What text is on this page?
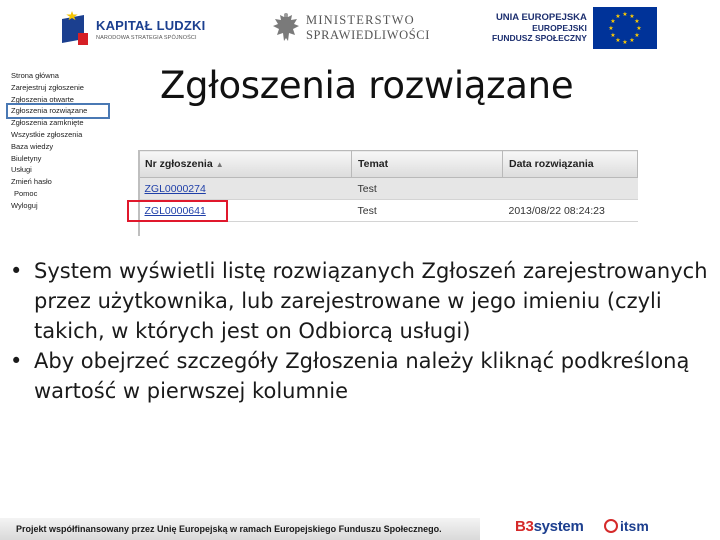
KAPITAŁ LUDZKI
NARODOWA STRATEGIA SPÓJNOŚCI
MINISTERSTWO
SPRAWIEDLIWOŚCI
UNIA EUROPEJSKA
EUROPEJSKI
FUNDUSZ SPOŁECZNY
★ ★
★
★
★
★
★
★
★
★
★
★
Strona główna
Zarejestruj zgłoszenie
Zgłoszenia otwarte
Zgłoszenia rozwiązane
Zgłoszenia zamknięte
Wszystkie zgłoszenia
Baza wiedzy
Biuletyny
Usługi
Zmień hasło
Pomoc
Wyloguj
Zgłoszenia rozwiązane
Nr zgłoszenia ▲	Temat	Data rozwiązania
ZGL0000274	Test	
ZGL0000641	Test	2013/08/22 08:24:23
• System wyświetli listę rozwiązanych Zgłoszeń zarejestrowanych przez użytkownika, lub zarejestrowane w jego imieniu (czyli takich, w których jest on Odbiorcą usługi)
• Aby obejrzeć szczegóły Zgłoszenia należy kliknąć podkreśloną wartość w pierwszej kolumnie
Projekt współfinansowany przez Unię Europejską w ramach Europejskiego Funduszu Społecznego.	B3system	itsm
